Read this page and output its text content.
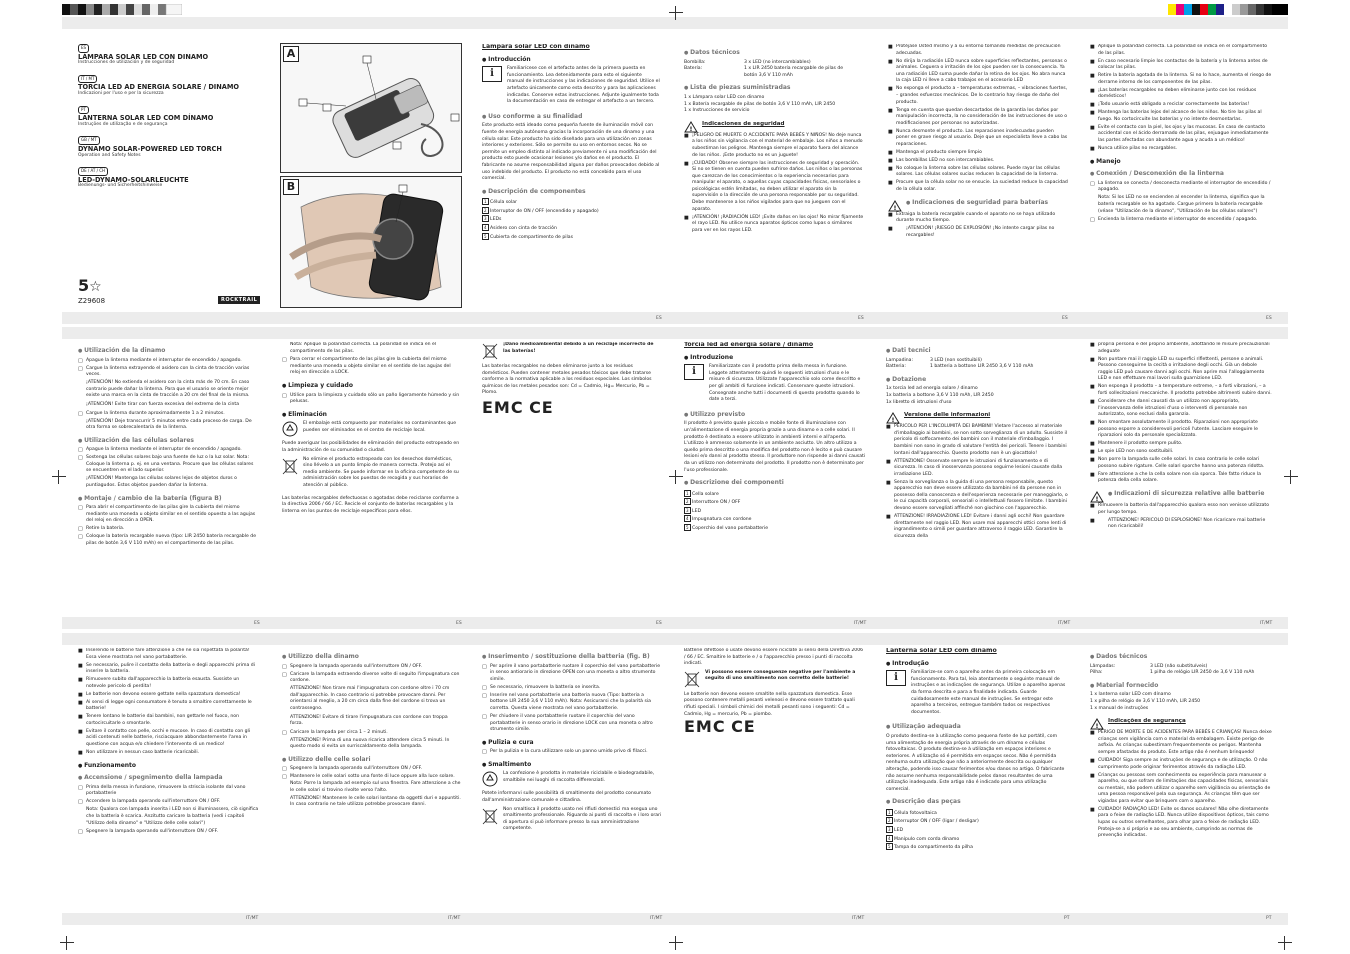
ES
LÁMPARA SOLAR LED CON DINAMO
Instrucciones de utilización y de seguridad
IT / MT
TORCIA LED AD ENERGIA SOLARE / DINAMO
Indicazioni per l'uso e per la sicurezza
PT
LANTERNA SOLAR LED COM DÍNAMO
Instruções de utilização e de segurança
GB / MT
DYNAMO SOLAR-POWERED LED TORCH
Operation and Safety Notes
DE / AT / CH
LED-DYNAMO-SOLARLEUCHTE
Bedienungs- und Sicherheitshinweise
5☆
Z29608	ROCKTRAIL
A
B
Lámpara solar LED con dinamo
● Introducción
i	Familiarícese con el artefacto antes de la primera puesta en funcionamiento. Lea detenidamente para esto el siguiente manual de instrucciones y las indicaciones de seguridad. Utilice el artefacto únicamente como esta descrito y para las aplicaciones indicadas. Conserve estas instrucciones. Adjunte igualmente toda la documentación en caso de entregar el artefacto a un tercero.

● Uso conforme a su finalidad

Este producto está ideado como pequeña fuente de iluminación móvil con fuente de energía autónoma gracias la incorporación de una dinamo y una célula solar. Este producto ha sido diseñado para una utilización en zonas interiores y exteriores. Sólo se permite su uso en entornos secos. No se permite un empleo distinto al indicado previamente ni una modificación del producto esto puede ocasionar lesiones y/o daños en el producto. El fabricante no asume responsabilidad alguna por daños provocados debido al uso indebido del producto. El producto no está concebido para el uso comercial.

● Descripción de componentes
1 Célula solar
2 Interruptor de ON / OFF (encendido y apagado)
3 LEDs
4 Asidero con cinta de tracción
5 Cubierta de compartimento de pilas
ES
● Datos técnicos
Bombilla:	3 x LED (no intercambiables)
Batería:	1 x LIR 2450 batería recargable de pilas de botón 3,6 V 110 mAh
● Lista de piezas suministradas
1 x Lámpara solar LED con dinamo
1 x Batería recargable de pilas de botón 3,6 V 110 mAh, LIR 2450
1 x Instrucciones de servicio
!
Indicaciones de seguridad
■ ¡PELIGRO DE MUERTE O ACCIDENTE PARA BEBÉS Y NIÑOS! No deje nunca a los niños sin vigilancia con el material de embalaje. Los niños a menudo subestiman los peligros. Mantenga siempre el aparato fuera del alcance de los niños. ¡Este producto no es un juguete!
■ ¡CUIDADO! Observe siempre las instrucciones de seguridad y operación. Si no se tienen en cuenta pueden sufrirse daños. Los niños o las personas que carezcan de los conocimientos o la experiencia necesarios para manipular el aparato, o aquellas cuyas capacidades físicas, sensoriales o psicológicas estén limitadas, no deben utilizar el aparato sin la supervisión o la dirección de una persona responsable por su seguridad. Debe mantenerse a los niños vigilados para que no jueguen con el aparato.
■ ¡ATENCIÓN! ¡RADIACIÓN LED! ¡Evite daños en los ojos! No mirar fijamente el rayo LED. No utilice nunca aparatos ópticos como lupas o similares para ver en los rayos LED.
ES
■ Protéjase Usted mismo y a su entorno tomando medidas de precaución adecuadas.
■ No dirija la radiación LED nunca sobre superficies reflectantes, personas o animales. Ceguera o irritación de los ojos pueden ser la consecuencia. Ya una radiación LED suma puede dañar la retina de los ojos. No abra nunca la caja LED ni lleve a cabo trabajos en el accesorio LED
■ No exponga el producto a – temperaturas extremas, – vibraciones fuertes, – grandes esfuerzos mecánicos. De lo contrario hay riesgo de daño del producto.
■ Tenga en cuenta que quedan descartados de la garantía los daños por manipulación incorrecta, la no consideración de las instrucciones de uso o modificaciones por personas no autorizadas.
■ Nunca desmonte el producto. Las reparaciones inadecuadas pueden poner en grave riesgo al usuario. Deje que un especialista lleve a cabo las reparaciones.
■ Mantenga el producto siempre limpio
■ Las bombillas LED no son intercambiables.
■ No coloque la linterna sobre las células solares. Puede rayar las células solares. Las células solares sucias reducen la capacidad de la linterna.
■ Procure que la célula solar no se ensucie. La suciedad reduce la capacidad de la célula solar.
!
● Indicaciones de seguridad para baterías
■ Extraiga la batería recargable cuando el aparato no se haya utilizado durante mucho tiempo.
■ ¡ATENCIÓN! ¡RIESGO DE EXPLOSIÓN! ¡No intente cargar pilas no recargables!
ES
■ Aplique la polaridad correcta. La polaridad se indica en el compartimento de las pilas.
■ En caso necesario limpie los contactos de la batería y la linterna antes de colocar las pilas.
■ Retire la batería agotada de la linterna. Si no lo hace, aumenta el riesgo de derrame interno de los componentes de las pilas.
■ ¡Las baterías recargables no deben eliminarse junto con los residuos domésticos!
■ ¡Todo usuario está obligado a reciclar correctamente las baterías!
■ Mantenga las baterías lejos del alcance de los niños. No tire las pilas al fuego. No cortocircuite las baterías y no intente desmontarlas.
■ Evite el contacto con la piel, los ojos y las mucosas. En caso de contacto accidental con el ácido derramado de las pilas, enjuague inmediatamente las partes afectadas con abundante agua y acuda a un médico!
■ Nunca utilice pilas no recargables.
● Manejo
● Conexión / Desconexión de la linterna
□ La linterna se conecta / desconecta mediante el interruptor de encendido / apagado.

Nota: Si los LED no se encienden al encender la linterna, significa que la batería recargable se ha agotado. Cargue primero la batería recargable (véase "Utilización de la dinamo", "Utilización de las células solares")

□ Encienda la linterna mediante el interruptor de encendido / apagado.
ES
● Utilización de la dinamo
□ Apague la linterna mediante el interruptor de encendido / apagado.
□ Cargue la linterna extrayendo el asidero con la cinta de tracción varias veces.

¡ATENCIÓN! No extienda el asidero con la cinta más de 70 cm. En caso contrario puede dañar la linterna. Para que el usuario se oriente mejor existe una marca en la cinta de tracción a 20 cm del final de la misma.

¡ATENCIÓN! Evite tirar con fuerza excesiva del extremo de la cinta

□ Cargue la linterna durante aproximadamente 1 a 2 minutos.

¡ATENCIÓN! Deje transcurrir 5 minutos entre cada proceso de carga. De otra forma se sobrecalentaría de la linterna.

● Utilización de las células solares
□ Apague la linterna mediante el interruptor de encendido / apagado.
□ Sostenga las células solares bajo una fuente de luz o la luz solar. Nota: Coloque la linterna p. ej. en una ventana. Procure que las células solares se encuentren en el lado superior.

¡ATENCIÓN! Mantenga las células solares lejos de objetos duros o puntiagudos. Estos objetos pueden dañar la linterna.

● Montaje / cambio de la batería (figura B)
□ Para abrir el compartimento de las pilas gire la cubierta del mismo mediante una moneda u objeto similar en el sentido opuesto a las agujas del reloj en dirección a OPEN.
□ Retire la batería.
□ Coloque la batería recargable nueva (tipo: LIR 2450 batería recargable de pilas de botón 3,6 V 110 mAh) en el compartimento de las pilas.
ES

Nota: Aplique la polaridad correcta. La polaridad se indica en el compartimento de las pilas.

□ Para cerrar el compartimento de las pilas gire la cubierta del mismo mediante una moneda u objeto similar en el sentido de las agujas del reloj en dirección a LOCK.
● Limpieza y cuidado
□ Utilice para la limpieza y cuidado sólo un paño ligeramente húmedo y sin pelusas.
● Eliminación

El embalaje está compuesto por materiales no contaminantes que pueden ser eliminados en el centro de reciclaje local.

Puede averiguar las posibilidades de eliminación del producto estropeado en la administración de su comunidad o ciudad.

No elimine el producto estropeado con los desechos domésticos, sino llévelo a un punto limpio de manera correcta. Protejo así el medio ambiente. Se puede informar en la oficina competente de su administración sobre los puestos de recogida y sus horarios de atención al público.

Las baterías recargables defectuosas o agotadas debe reciclarse conforme a la directiva 2006 / 66 / EC. Recicle el conjunto de baterías recargables y la linterna en los puntos de reciclaje específicos para ellos.

ES

¡Daño medioambiental debido a un reciclaje incorrecto de las baterías!

Las baterías recargables no deben eliminarse junto a los residuos domésticos. Pueden contener metales pesados tóxicos que debe tratarse conforme a la normativa aplicable a los residuos especiales. Los símbolos químicos de los metales pesados son: Cd = Cadmio, Hg= Mercurio, Pb = Plomo.

EMC CE
ES
Torcia led ad energia solare / dinamo
● Introduzione
i	Familiarizzate con il prodotto prima della messa in funzione. Leggete attentamente quindi le seguenti istruzioni d'uso e le misure di sicurezza. Utilizzate l'apparecchio solo come descritto e per gli ambiti di funzione indicati. Conservare queste istruzioni. Consegnate anche tutti i documenti di questo prodotto quando lo date a terzi.

● Utilizzo previsto

Il prodotto è previsto quale piccola e mobile fonte di illuminazione con un'alimentazione di energia propria grazie a una dinamo e a celle solari. Il prodotto è destinato a essere utilizzato in ambienti interni e all'aperto. L'utilizzo è ammesso solamente in un ambiente asciutto. Un altro utilizzo a quello prima descritto o una modifica del prodotto non è lecito e può causare lesioni e/o danni al prodotto stesso. Il produttore non risponde ai danni causati da un utilizzo non determinato del prodotto. Il prodotto non è determinato per l'uso professionale.

● Descrizione dei componenti
1 Cella solare
2 Interruttore ON / OFF
3 LED
4 Impugnatura con cordone
5 Coperchio del vano portabatterie
IT/MT
● Dati tecnici
Lampadina:	3 LED (non sostituibili)
Batteria:	1 batteria a bottone LIR 2450 3,6 V 110 mAh
● Dotazione
1x torcia led ad energia solare / dinamo
1x batteria a bottone 3,6 V 110 mAh, LIR 2450
1x libretto di istruzioni d'uso
!
Versione delle informazioni
■ PERICOLO PER L'INCOLUMITÀ DEI BAMBINI! Vietare l'accesso al materiale d'imballaggio ai bambini, se non sotto sorveglianza di un adulto. Sussiste il pericolo di soffocamento dei bambini con il materiale d'imballaggio. I bambini non sono in grado di valutare l'entità dei pericoli. Tenere i bambini lontani dall'apparecchio. Questo prodotto non è un giocattolo!
■ ATTENZIONE! Osservate sempre le istruzioni di funzionamento e di sicurezza. In caso di inosservanza possono seguirne lesioni causate dalla irradiazione LED.
■ Senza la sorveglianza o la guida di una persona responsabile, questo apparecchio non deve essere utilizzato da bambini né da persone non in possesso della conoscenza e dell'esperienza necessarie per maneggiarlo, o le cui capacità corporali, sensoriali o intellettuali fossero limitate. I bambini devono essere sorvegliati affinché non giochino con l'apparecchio.
■ ATTENZIONE! IRRADIAZIONE LED! Evitare i danni agli occhi! Non guardare direttamente nel raggio LED. Non usare mai apparecchi ottici come lenti di ingrandimento o simili per guardare attraverso il raggio LED. Garantire la sicurezza della
IT/MT
■ propria persona e del proprio ambiente, adottando le misure precauzionali adeguate
■ Non puntare mai il raggio LED su superfici riflettenti, persone o animali. Possono conseguirne la cecità o irritazione degli occhi. Già un debole raggio LED può causare danni agli occhi. Non aprire mai l'alloggiamento LED e non effettuare mai lavori sulla guarnizione LED.
■ Non esponga il prodotto – a temperature estreme, – a forti vibrazioni, – a forti sollecitazioni meccaniche. Il prodotto potrebbe altrimenti subire danni.
■ Considerare che danni causati da un utilizzo non appropriato, l'inosservanza delle istruzioni d'uso o interventi di personale non autorizzato, sono esclusi dalla garanzia.
■ Non smontare assolutamente il prodotto. Riparazioni non appropriate possono esporre a considerevoli pericoli l'utente. Lasciare eseguire le riparazioni solo da personale specializzato.
■ Mantenere il prodotto sempre pulito.
■ Le spie LED non sono sostituibili.
■ Non porre la lampada sulle celle solari. In caso contrario le celle solari possono subire rigature. Celle solari sporche hanno una potenza ridotta.
■ Fare attenzione a che la cella solare non sia sporca. Tale fatto riduce la potenza della cella solare.
!
● Indicazioni di sicurezza relative alle batterie
■ Rimuovere la batteria dall'apparecchio qualora esso non venisse utilizzato per lungo tempo.
■ ATTENZIONE! PERICOLO DI ESPLOSIONE! Non ricaricare mai batterie non ricaricabili!
IT/MT
■ Inserendo le batterie fare attenzione a che ne sia rispettata la polarità! Essa viene mostrata nel vano portabatterie.
■ Se necessario, pulire il contatto della batteria e degli apparecchi prima di inserire la batteria.
■ Rimuovere subito dall'apparecchio la batteria esausta. Sussiste un notevole pericolo di perdita!
■ Le batterie non devono essere gettate nella spazzatura domestica!
■ Ai sensi di legge ogni consumatore è tenuto a smaltire correttamente le batterie!
■ Tenere lontano le batterie dai bambini, non gettarle nel fuoco, non cortocircuitarle o smontarle.
■ Evitare il contatto con pelle, occhi e mucose. In caso di contatto con gli acidi contenuti nelle batterie, risciacquare abbondantemente l'area in questione con acqua e/o chiedere l'intervento di un medico!
■ Non utilizzare in nessun caso batterie ricaricabili.
● Funzionamento
● Accensione / spegnimento della lampada
□ Prima della messa in funzione, rimuovere la striscia isolante dal vano portabatterie
□ Accendere la lampada operando sull'interruttore ON / OFF.

Nota: Qualora con lampada inserita i LED non si illuminassero, ciò significa che la batteria è scarica. Anzitutto caricare la batteria (vedi i capitoli "Utilizzo della dinamo" e "Utilizzo delle celle solari")

□ Spegnere la lampada operando sull'interruttore ON / OFF.
IT/MT
● Utilizzo della dinamo
□ Spegnere la lampada operando sull'interruttore ON / OFF.
□ Caricare la lampada estraendo diverse volte di seguito l'impugnatura con cordone.

ATTENZIONE! Non tirare mai l'impugnatura con cordone oltre i 70 cm dall'apparecchio. In caso contrario si potrebbe provocare danni. Per orientarsi al meglio, a 20 cm circa dalla fine del cordone si trova un contrassegno.

ATTENZIONE! Evitare di tirare l'impugnatura con cordone con troppa forza.

□ Caricare la lampada per circa 1 – 2 minuti.

ATTENZIONE! Prima di una nuova ricarica attendere circa 5 minuti. In questo modo si evita un surriscaldamento della lampada.

● Utilizzo delle celle solari
□ Spegnere la lampada operando sull'interruttore ON / OFF.
□ Mantenere le celle solari sotto una fonte di luce oppure alla luce solare. Nota: Porre la lampada ad esempio sul una finestra. Fare attenzione a che le celle solari si trovino rivolte verso l'alto.

ATTENZIONE! Mantenere le celle solari lontano da oggetti duri e appuntiti. In caso contrario ne tale utilizzo potrebbe provocare danni.

IT/MT
● Inserimento / sostituzione della batteria (fig. B)
□ Per aprire il vano portabatterie ruotare il coperchio del vano portabatterie in senso antiorario in direzione OPEN con una moneta o altro strumento simile.
□ Se necessario, rimuovere la batteria se inserita.
□ Inserire nel vano portabatterie una batteria nuova (Tipo: batteria a bottone LIR 2450 3,6 V 110 mAh). Nota: Assicurarsi che la polarità sia corretta. Questa viene mostrata nel vano portabatterie.
□ Per chiudere il vano portabatterie ruotare il coperchio del vano portabatterie in senso orario in direzione LOCK con una moneta o altro strumento simile.
● Pulizia e cura
□ Per la pulizia e la cura utilizzare solo un panno umido privo di filacci.
● Smaltimento

La confezione è prodotta in materiale riciclabile e biodegradabile, smaltibile nei luoghi di raccolta differenziati.

Potete informarvi sulle possibilità di smaltimento del prodotto consumato dall'amministrazione comunale e cittadina.

Non smaltisca il prodotto usato nei rifiuti domestici ma esegua uno smaltimento professionale. Riguardo ai punti di raccolta e i loro orari di apertura si può informare presso la sua amministrazione competente.

IT/MT

Batterie difettose o usate devono essere riciclate ai sensi della Direttiva 2006 / 66 / EC. Smaltire le batterie e / o l'apparecchio presso i punti di raccolta indicati.

Vi possono essere conseguenze negative per l'ambiente a seguito di uno smaltimento non corretto delle batterie!

Le batterie non devono essere smaltite nella spazzatura domestica. Esse possono contenere metalli pesanti velenosi e devono essere trattate quali rifiuti speciali. I simboli chimici dei metalli pesanti sono i seguenti: Cd = Cadmio, Hg = mercurio, Pb = piombo.

EMC CE
IT/MT
Lanterna solar LED com dínamo
● Introdução
i	Familiarize-se com o aparelho antes da primeira colocação em funcionamento. Para tal, leia atentamente o seguinte manual de instruções e as indicações de segurança. Utilize o aparelho apenas da forma descrita e para a finalidade indicada. Guarde cuidadosamente este manual de instruções. Se entregar este aparelho a terceiros, entregue também todos os respectivos documentos.

● Utilização adequada

O produto destina-se à utilização como pequena fonte de luz portátil, com uma alimentação de energia própria através de um dínamo e células fotovoltaicas. O produto destina-se à utilização em espaços interiores e exteriores. A utilização só é permitida em espaços secos. Não é permitida nenhuma outra utilização que não a anteriormente descrita ou qualquer alteração, podendo isso causar ferimentos e/ou danos no artigo. O fabricante não assume nenhuma responsabilidade pelos danos resultantes de uma utilização inadequada. Este artigo não é indicado para uma utilização comercial.

● Descrição das peças
1 Célula fotovoltaica
2 Interruptor ON / OFF (ligar / desligar)
3 LED
4 Manípulo com corda dínamo
5 Tampa do compartimento da pilha
PT
● Dados técnicos
Lâmpadas:	3 LED (não substituíveis)
Pilha:	1 pilha de relógio LIR 2450 de 3,6 V 110 mAh
● Material fornecido
1 x lanterna solar LED com dínamo
1 x pilha de relógio de 3,6 V 110 mAh, LIR 2450
1 x manual de instruções
!
Indicações de segurança
■ PERIGO DE MORTE E DE ACIDENTES PARA BEBÉS E CRIANÇAS! Nunca deixe crianças sem vigilância com o material da embalagem. Existe perigo de asfixia. As crianças subestimam frequentemente os perigos. Mantenha sempre afastadas do produto. Este artigo não é nenhum brinquedo!
■ CUIDADO! Siga sempre as instruções de segurança e de utilização. O não cumprimento pode originar ferimentos através da radiação LED.
■ Crianças ou pessoas sem conhecimento ou experiência para manusear o aparelho, ou que sofram de limitações das capacidades físicas, sensoriais ou mentais, não podem utilizar o aparelho sem vigilância ou orientação de uma pessoa responsável pela sua segurança. As crianças têm que ser vigiadas para evitar que brinquem com o aparelho.
■ CUIDADO! RADIAÇÃO LED! Evite os danos oculares! Não olhe diretamente para o feixe de radiação LED. Nunca utilize dispositivos ópticos, tais como lupas ou outros semelhantes, para olhar para o feixe de radiação LED. Proteja-se a si próprio e ao seu ambiente, cumprindo as normas de prevenção indicadas.
PT
